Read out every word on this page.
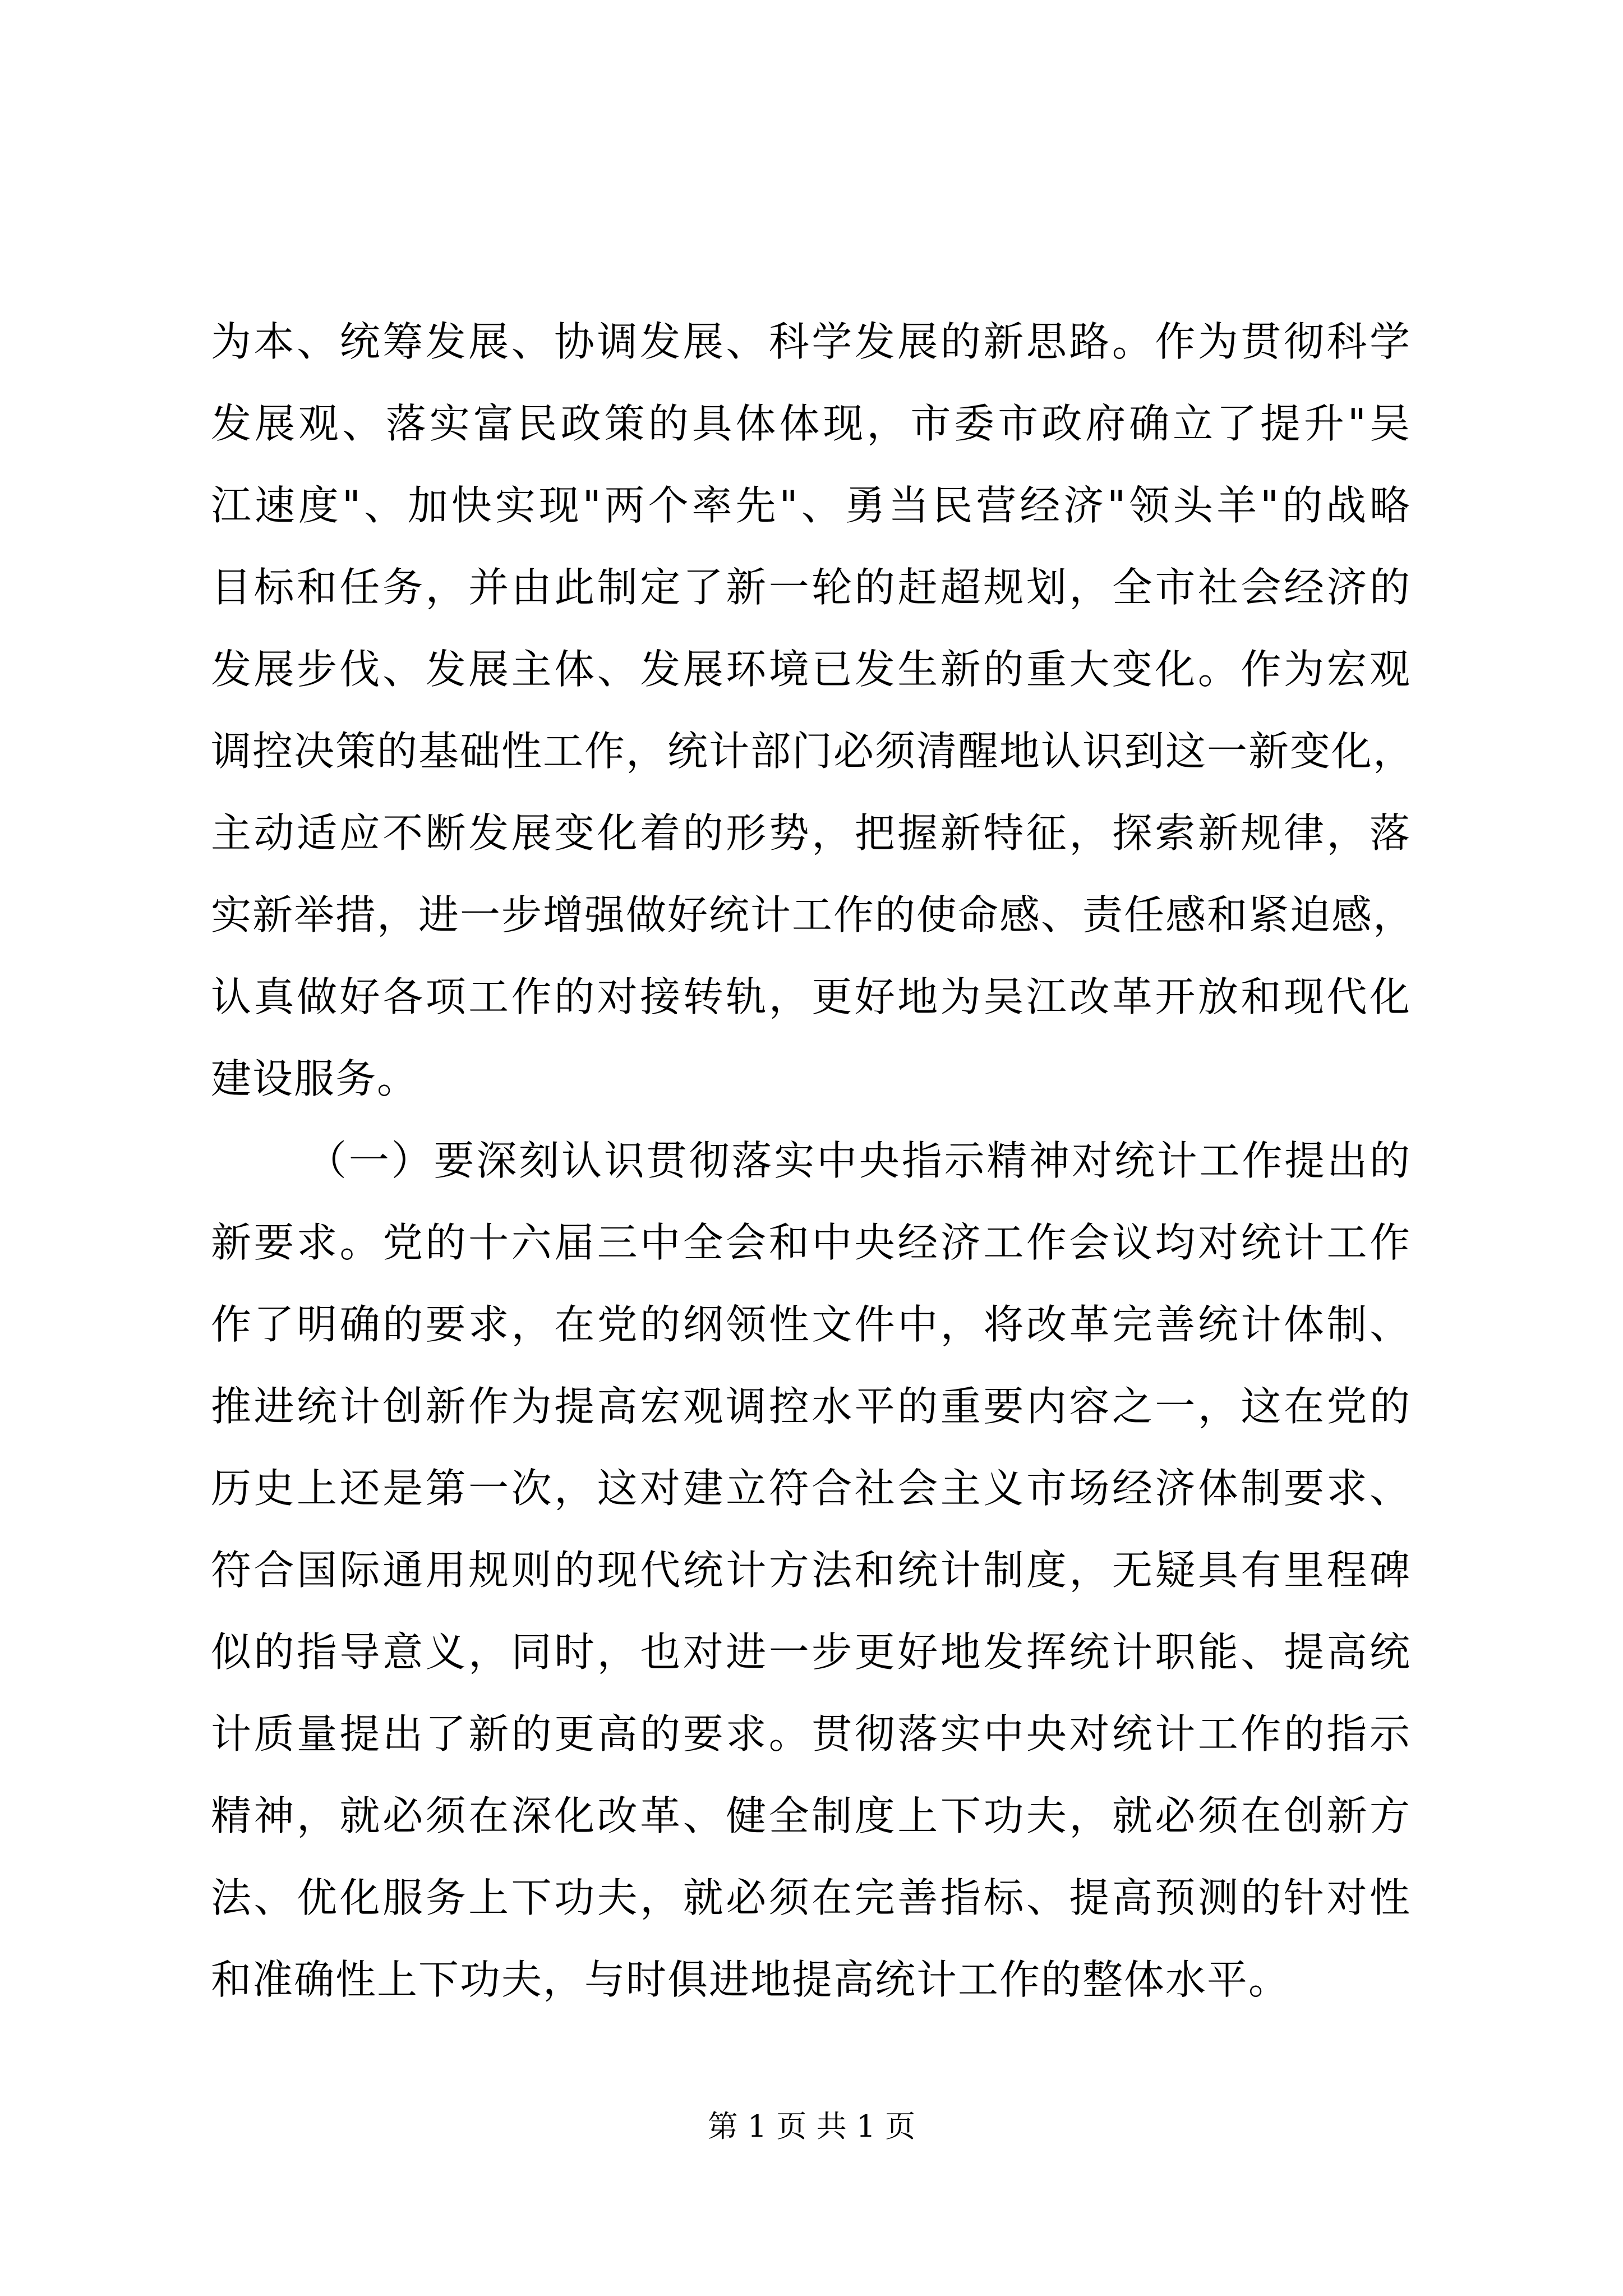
为本、统筹发展、协调发展、科学发展的新思路。作为贯彻科学
发展观、落实富民政策的具体体现，市委市政府确立了提升"吴
江速度"、加快实现"两个率先"、勇当民营经济"领头羊"的战略
目标和任务，并由此制定了新一轮的赶超规划，全市社会经济的
发展步伐、发展主体、发展环境已发生新的重大变化。作为宏观
调控决策的基础性工作，统计部门必须清醒地认识到这一新变化，
主动适应不断发展变化着的形势，把握新特征，探索新规律，落
实新举措，进一步增强做好统计工作的使命感、责任感和紧迫感，
认真做好各项工作的对接转轨，更好地为吴江改革开放和现代化
建设服务。
（一）要深刻认识贯彻落实中央指示精神对统计工作提出的
新要求。党的十六届三中全会和中央经济工作会议均对统计工作
作了明确的要求，在党的纲领性文件中，将改革完善统计体制、
推进统计创新作为提高宏观调控水平的重要内容之一，这在党的
历史上还是第一次，这对建立符合社会主义市场经济体制要求、
符合国际通用规则的现代统计方法和统计制度，无疑具有里程碑
似的指导意义，同时，也对进一步更好地发挥统计职能、提高统
计质量提出了新的更高的要求。贯彻落实中央对统计工作的指示
精神，就必须在深化改革、健全制度上下功夫，就必须在创新方
法、优化服务上下功夫，就必须在完善指标、提高预测的针对性
和准确性上下功夫，与时俱进地提高统计工作的整体水平。
第 1 页 共 1 页
